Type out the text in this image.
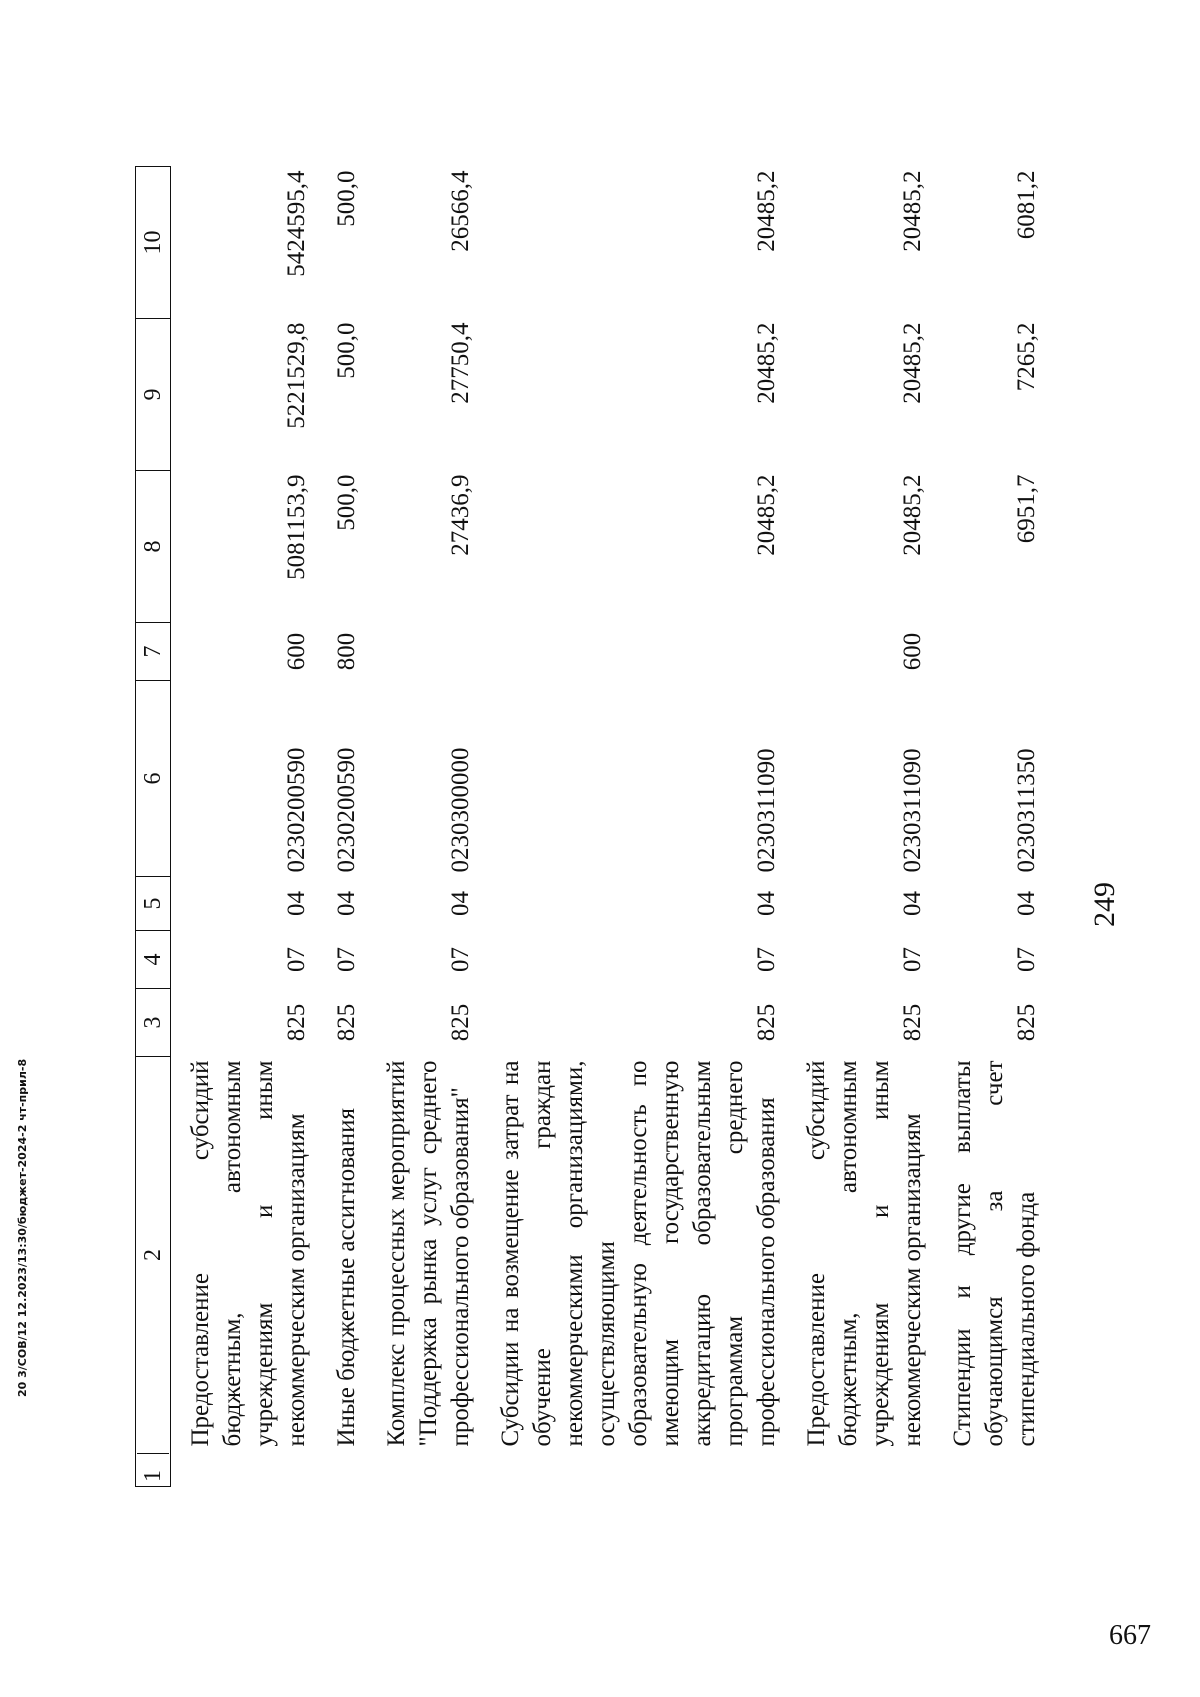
249
1
2	3	4	5	6	7	8	9	10
Предоставление субсидий бюджетным, автономным учреждениям и иным некоммерческим организациям	825	07	04	0230200590	600	5081153,9	5221529,8	5424595,4
Иные бюджетные ассигнования	825	07	04	0230200590	800	500,0	500,0	500,0
Комплекс процессных мероприятий "Поддержка рынка услуг среднего профессионального образования"	825	07	04	0230300000		27436,9	27750,4	26566,4
Субсидии на возмещение затрат на обучение граждан некоммерческими организациями, осуществляющими образовательную деятельность по имеющим государственную аккредитацию образовательным программам среднего профессионального образования	825	07	04	0230311090		20485,2	20485,2	20485,2
Предоставление субсидий бюджетным, автономным учреждениям и иным некоммерческим организациям	825	07	04	0230311090	600	20485,2	20485,2	20485,2
Стипендии и другие выплаты обучающимся за счет стипендиального фонда	825	07	04	0230311350		6951,7	7265,2	6081,2
20 3/СОВ/12 12.2023/13:30/бюджет-2024-2 чт-прил-8
667
